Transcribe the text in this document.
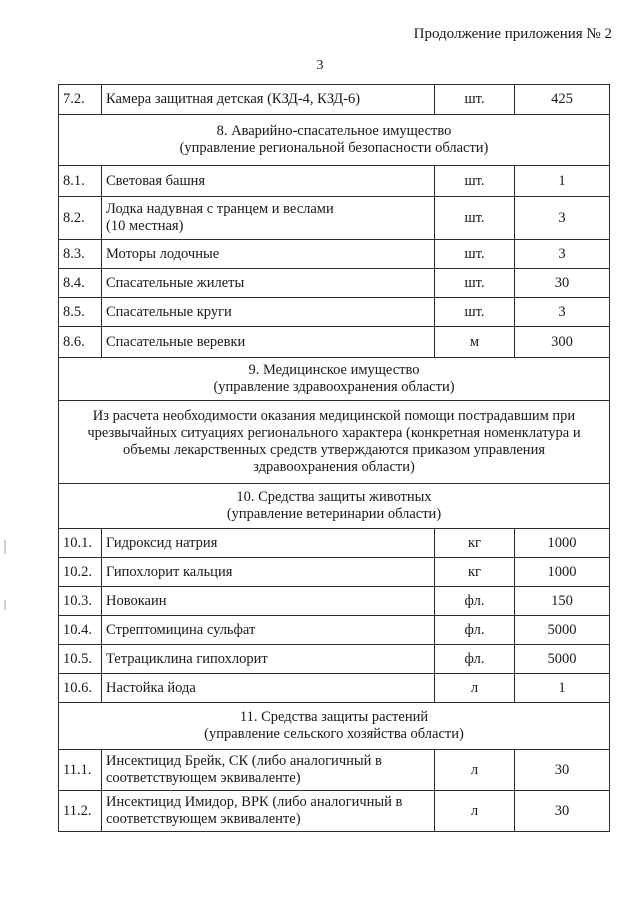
Продолжение приложения № 2
3
7.2.	Камера защитная детская (КЗД-4, КЗД-6)	шт.	425

8. Аварийно-спасательное имущество
(управление региональной безопасности области)			

8.1.	Световая башня	шт.	1
8.2.	Лодка надувная с транцем и веслами
(10 местная)	шт.	3
8.3.	Моторы лодочные	шт.	3
8.4.	Спасательные жилеты	шт.	30
8.5.	Спасательные круги	шт.	3
8.6.	Спасательные веревки	м	300

9. Медицинское имущество
(управление здравоохранения области)			

Из расчета необходимости оказания медицинской помощи пострадавшим при
чрезвычайных ситуациях регионального характера (конкретная номенклатура и
объемы лекарственных средств утверждаются приказом управления
здравоохранения области)			

10. Средства защиты животных
(управление ветеринарии области)			

10.1.	Гидроксид натрия	кг	1000
10.2.	Гипохлорит кальция	кг	1000
10.3.	Новокаин	фл.	150
10.4.	Стрептомицина сульфат	фл.	5000
10.5.	Тетрациклина гипохлорит	фл.	5000
10.6.	Настойка йода	л	1

11. Средства защиты растений
(управление сельского хозяйства области)			

11.1.	Инсектицид Брейк, СК (либо аналогичный в
соответствующем эквиваленте)	л	30
11.2.	Инсектицид Имидор, ВРК (либо аналогичный в
соответствующем эквиваленте)	л	30
